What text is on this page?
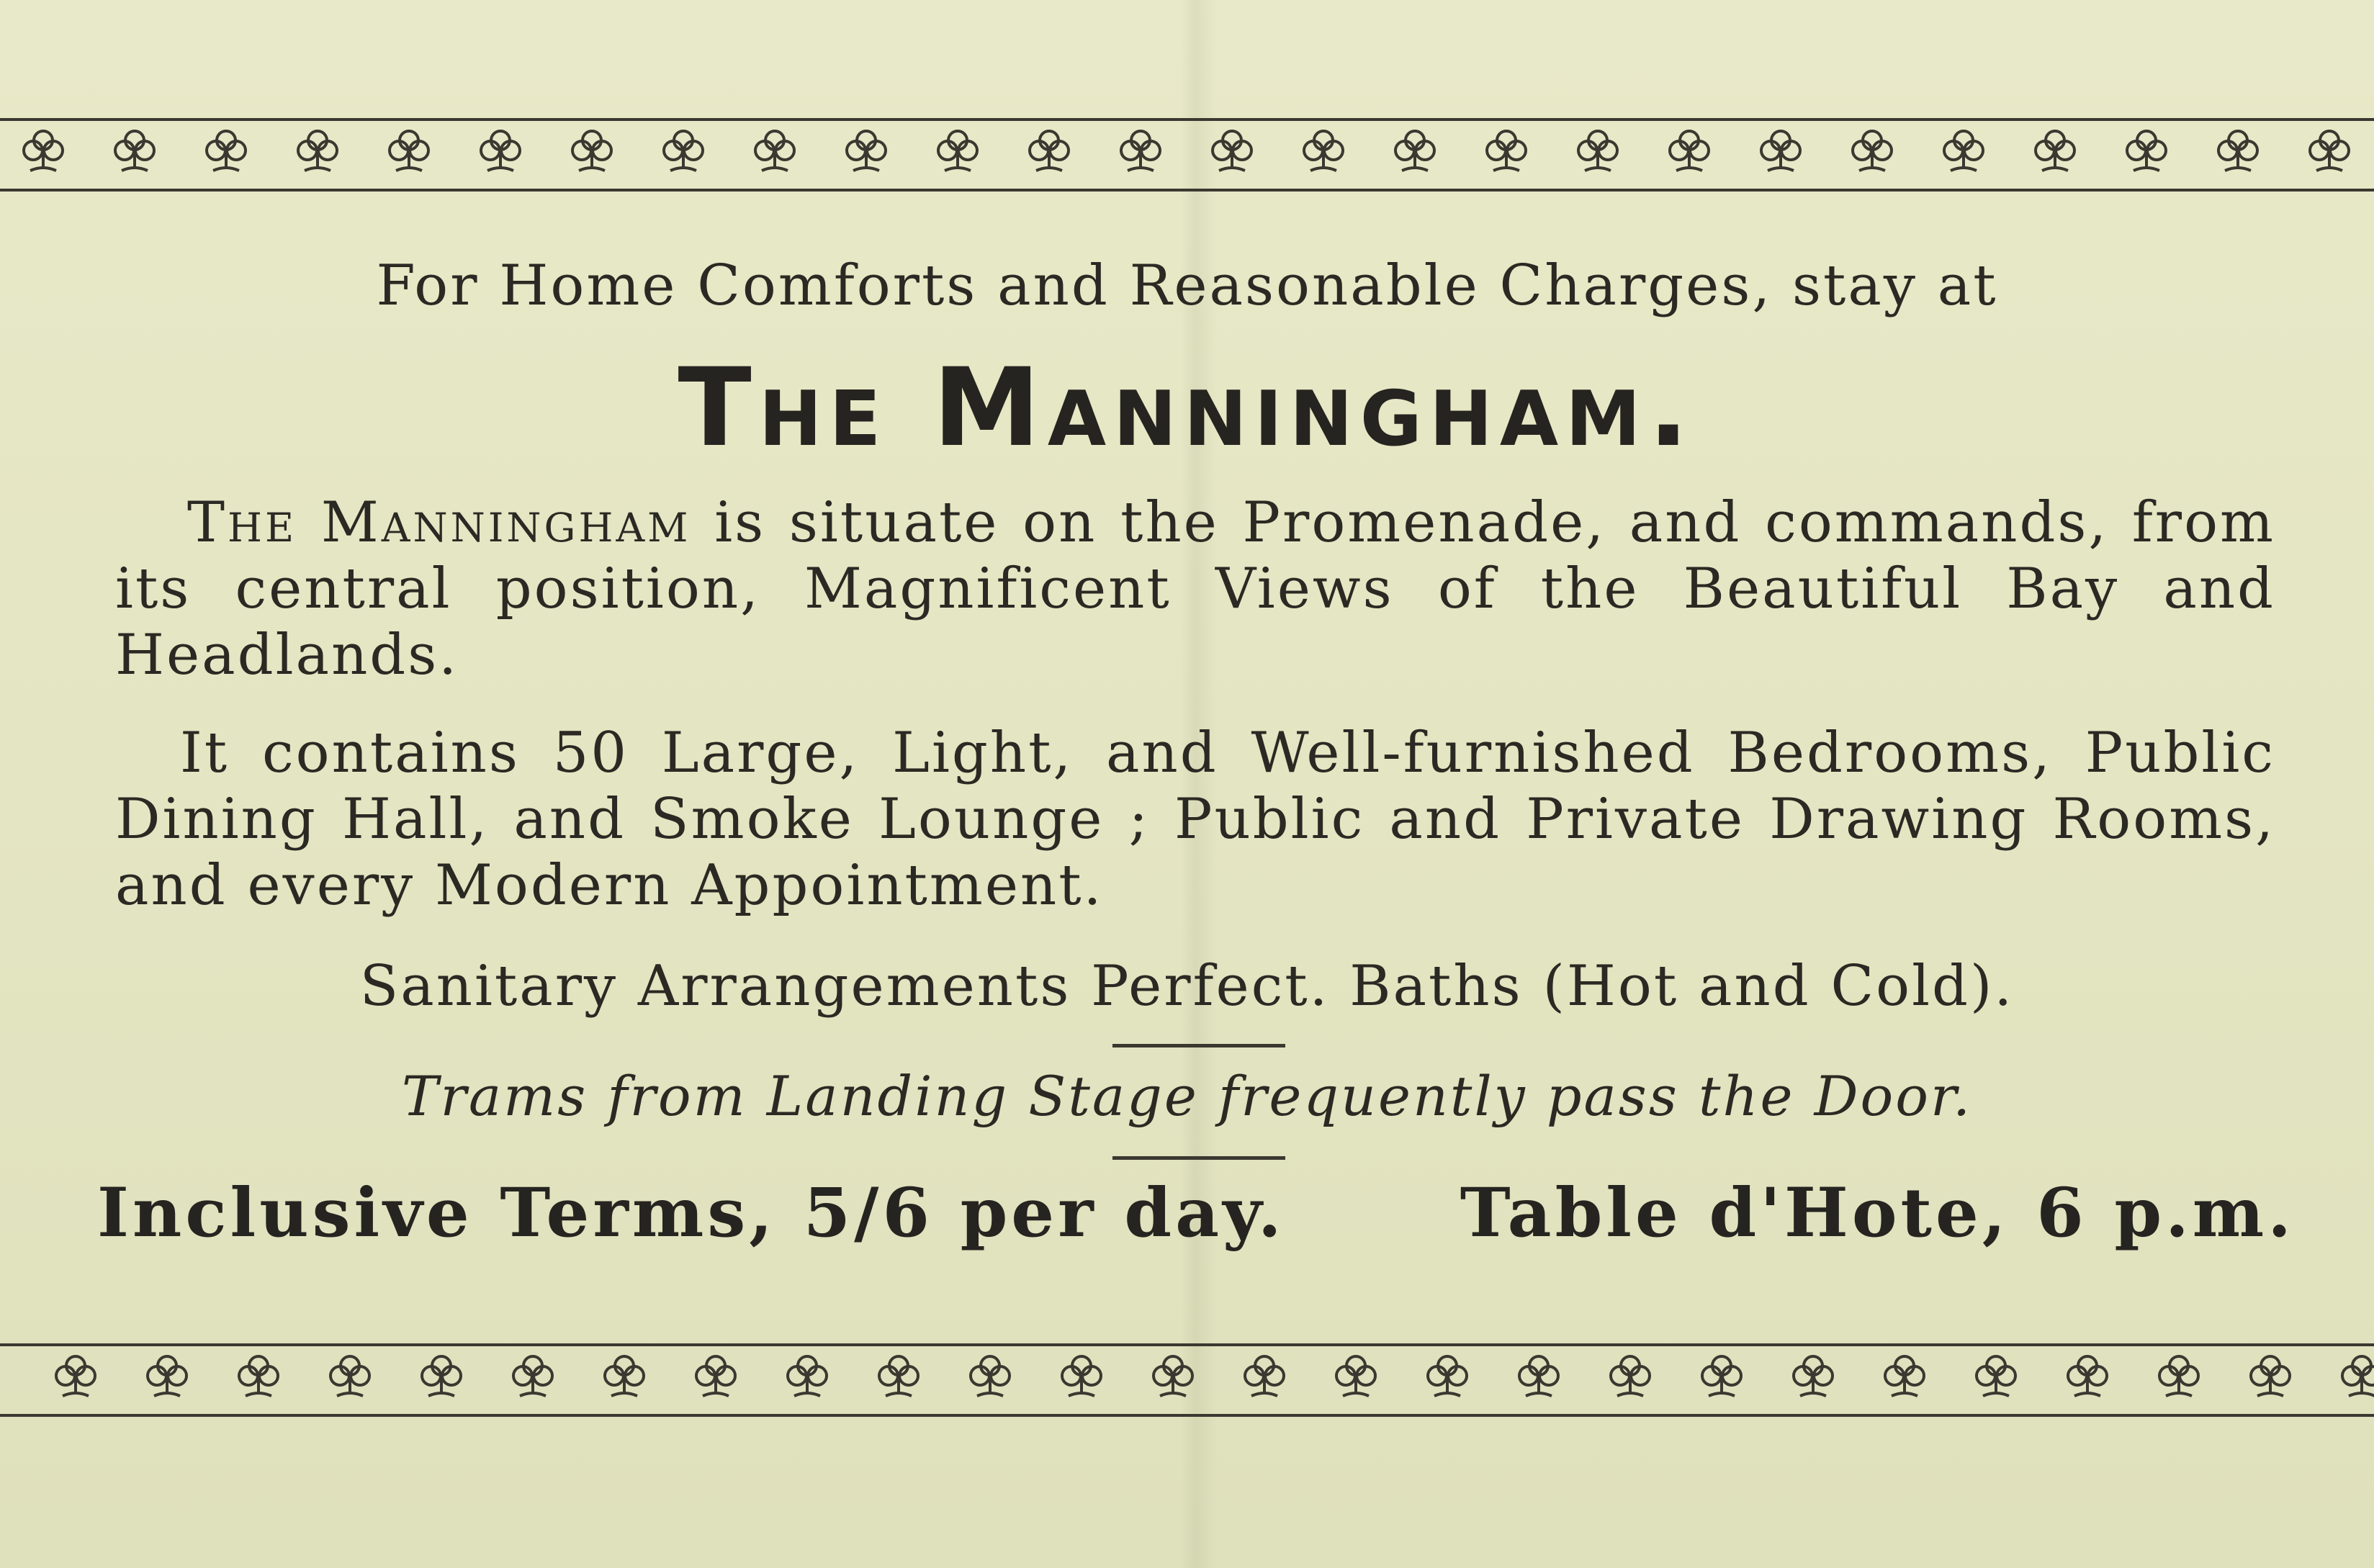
For Home Comforts and Reasonable Charges, stay at
The Manningham.
The Manningham is situate on the Promenade, and commands, from its central position, Magnificent Views of the Beautiful Bay and Headlands.
It contains 50 Large, Light, and Well-furnished Bedrooms, Public Dining Hall, and Smoke Lounge ; Public and Private Drawing Rooms, and every Modern Appointment.
Sanitary Arrangements Perfect. Baths (Hot and Cold).
Trams from Landing Stage frequently pass the Door.
Inclusive Terms, 5/6 per day.	Table d'Hote, 6 p.m.
